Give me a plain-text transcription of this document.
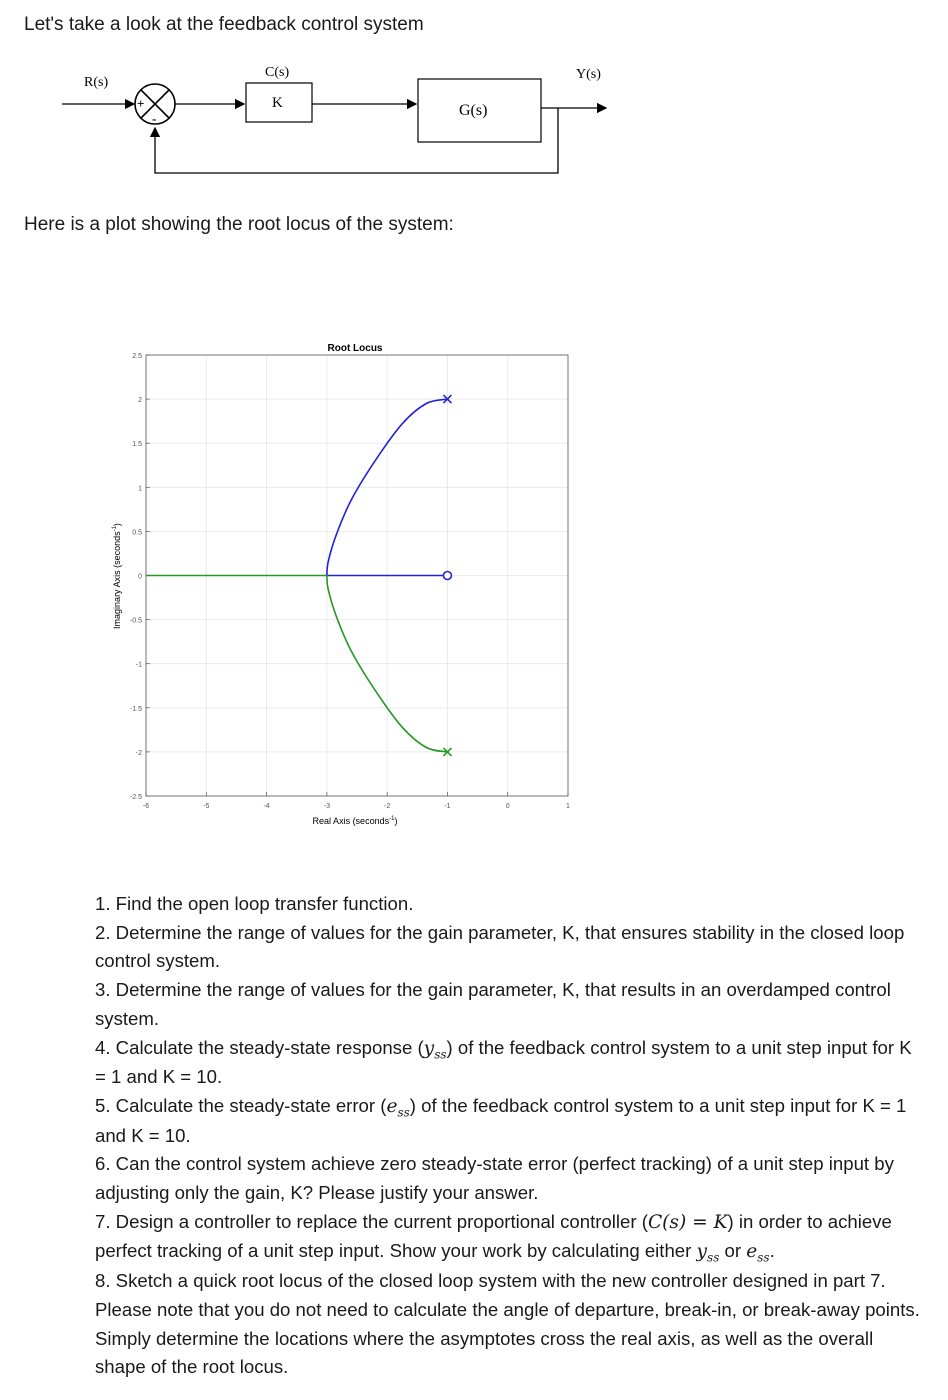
Let's take a look at the feedback control system
R(s)
+
-
C(s)
K	G(s)
Y(s)
Here is a plot showing the root locus of the system:
Root Locus
-6	-5	-4	-3	-2	-1	0	1
2.5
2
1.5
1
0.5
0
-0.5
-1
-1.5
-2
-2.5
Real Axis (seconds$^{-1}$)
Imaginary Axis (seconds$^{-1}$)

1. Find the open loop transfer function.

2. Determine the range of values for the gain parameter, K, that ensures stability in the closed loop control system.

3. Determine the range of values for the gain parameter, K, that results in an overdamped control system.

4. Calculate the steady-state response $(y_{ss})$ of the feedback control system to a unit step input for K = 1 and K = 10.

5. Calculate the steady-state error $(e_{ss})$ of the feedback control system to a unit step input for K = 1 and K = 10.

6. Can the control system achieve zero steady-state error (perfect tracking) of a unit step input by adjusting only the gain, K? Please justify your answer.

7. Design a controller to replace the current proportional controller (C(s) = K) in order to achieve perfect tracking of a unit step input. Show your work by calculating either $y_{ss}$ or $e_{ss}$.

8. Sketch a quick root locus of the closed loop system with the new controller designed in part 7. Please note that you do not need to calculate the angle of departure, break-in, or break-away points. Simply determine the locations where the asymptotes cross the real axis, as well as the overall shape of the root locus.
